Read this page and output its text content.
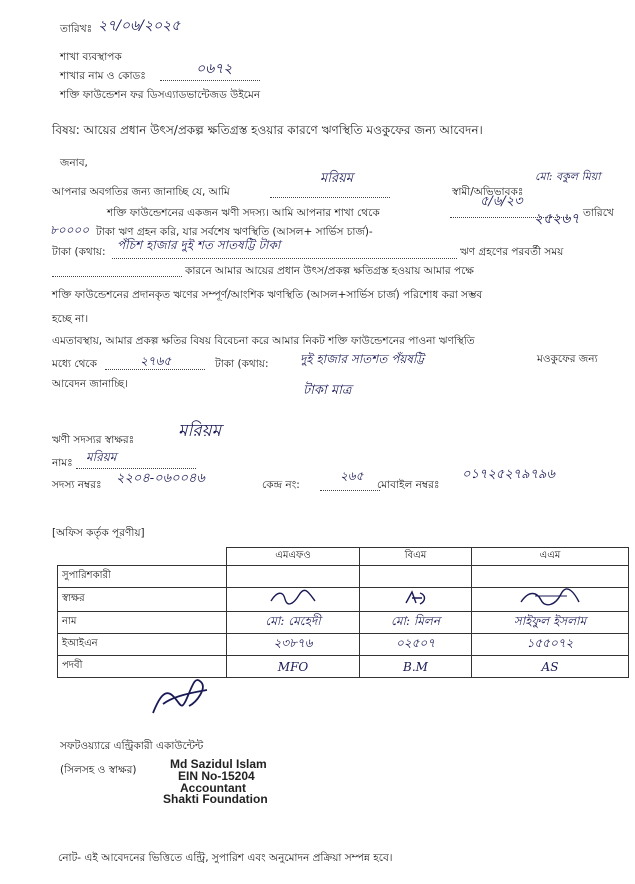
তারিখঃ ২৭/০৬/২০২৫
শাখা ব্যবস্থাপক
শাখার নাম ও কোডঃ	০৬৭২
শক্তি ফাউন্ডেশন ফর ডিসএ্যাডভান্টেজড উইমেন
বিষয়: আয়ের প্রধান উৎস/প্রকল্প ক্ষতিগ্রস্ত হওয়ার কারণে ঋণস্থিতি মওকুফের জন্য আবেদন।
জনাব,
আপনার অবগতির জন্য জানাচ্ছি যে, আমি
মরিয়ম
স্বামী/অভিভাবকঃ
মো: বকুল মিয়া
শক্তি ফাউন্ডেশনের একজন ঋণী সদস্য। আমি আপনার শাখা থেকে
৫/৬/২৩
তারিখে
৮০০০০ টাকা ঋণ গ্রহন করি, যার সর্বশেষ ঋণস্থিতি (আসল+ সার্ভিস চার্জ)-
২৫২৬৭
টাকা (কথায়: পঁচিশ হাজার দুই শত সাতষট্টি টাকা	ঋণ গ্রহণের পরবর্তী সময়
কারনে আমার আয়ের প্রধান উৎস/প্রকল্প ক্ষতিগ্রস্ত হওয়ায় আমার পক্ষে
শক্তি ফাউন্ডেশনের প্রদানকৃত ঋণের সম্পূর্ণ/আংশিক ঋণস্থিতি (আসল+সার্ভিস চার্জ) পরিশোধ করা সম্ভব
হচ্ছে না।
এমতাবস্থায়, আমার প্রকল্প ক্ষতির বিষয় বিবেচনা করে আমার নিকট শক্তি ফাউন্ডেশনের পাওনা ঋণস্থিতি
মধ্যে থেকে	২৭৬৫	টাকা (কথায়:	দুই হাজার সাতশত পঁয়ষট্টি	মওকুফের জন্য
আবেদন জানাচ্ছি।	টাকা মাত্র
ঋণী সদস্যর স্বাক্ষরঃ	মরিয়ম
নামঃ মরিয়ম
সদস্য নম্বরঃ ২২০৪-০৬০০৪৬	কেন্দ্র নং:
২৬৫
মোবাইল নম্বরঃ
০১৭২৫২৭৯৭৯৬
[অফিস কর্তৃক পূরণীয়]
	এমএফও	বিএম	এএম
সুপারিশকারী			
স্বাক্ষর			
নাম	মো: মেহেদী	মো: মিলন	সাইফুল ইসলাম
ইআইএন	২৩৮৭৬	০২৫০৭	১৫৫০৭২
পদবী	MFO	B.M	AS
সফটওয়্যারে এন্ট্রিকারী একাউন্টেন্ট
(সিলসহ ও স্বাক্ষর)	Md Sazidul Islam
EIN No-15204
Accountant
Shakti Foundation
নোট- এই আবেদনের ভিত্তিতে এন্ট্রি, সুপারিশ এবং অনুমোদন প্রক্রিয়া সম্পন্ন হবে।
